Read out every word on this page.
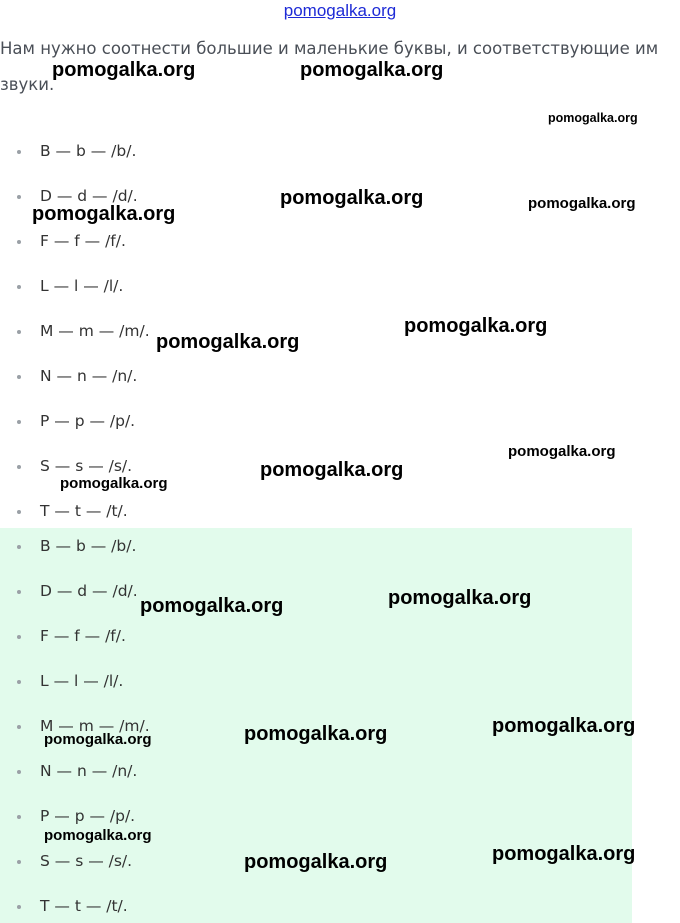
pomogalka.org

Нам нужно соотнести большие и маленькие буквы, и соответствующие им звуки.

B — b — /b/.
D — d — /d/.
F — f — /f/.
L — l — /l/.
M — m — /m/.
N — n — /n/.
P — p — /p/.
S — s — /s/.
T — t — /t/.
B — b — /b/.
D — d — /d/.
F — f — /f/.
L — l — /l/.
M — m — /m/.
N — n — /n/.
P — p — /p/.
S — s — /s/.
T — t — /t/.
pomogalka.org	pomogalka.org
pomogalka.org
pomogalka.org	pomogalka.org
pomogalka.org
pomogalka.org
pomogalka.org
pomogalka.org
pomogalka.org
pomogalka.org
pomogalka.org
pomogalka.org
pomogalka.org
pomogalka.org
pomogalka.org
pomogalka.org
pomogalka.org
pomogalka.org
